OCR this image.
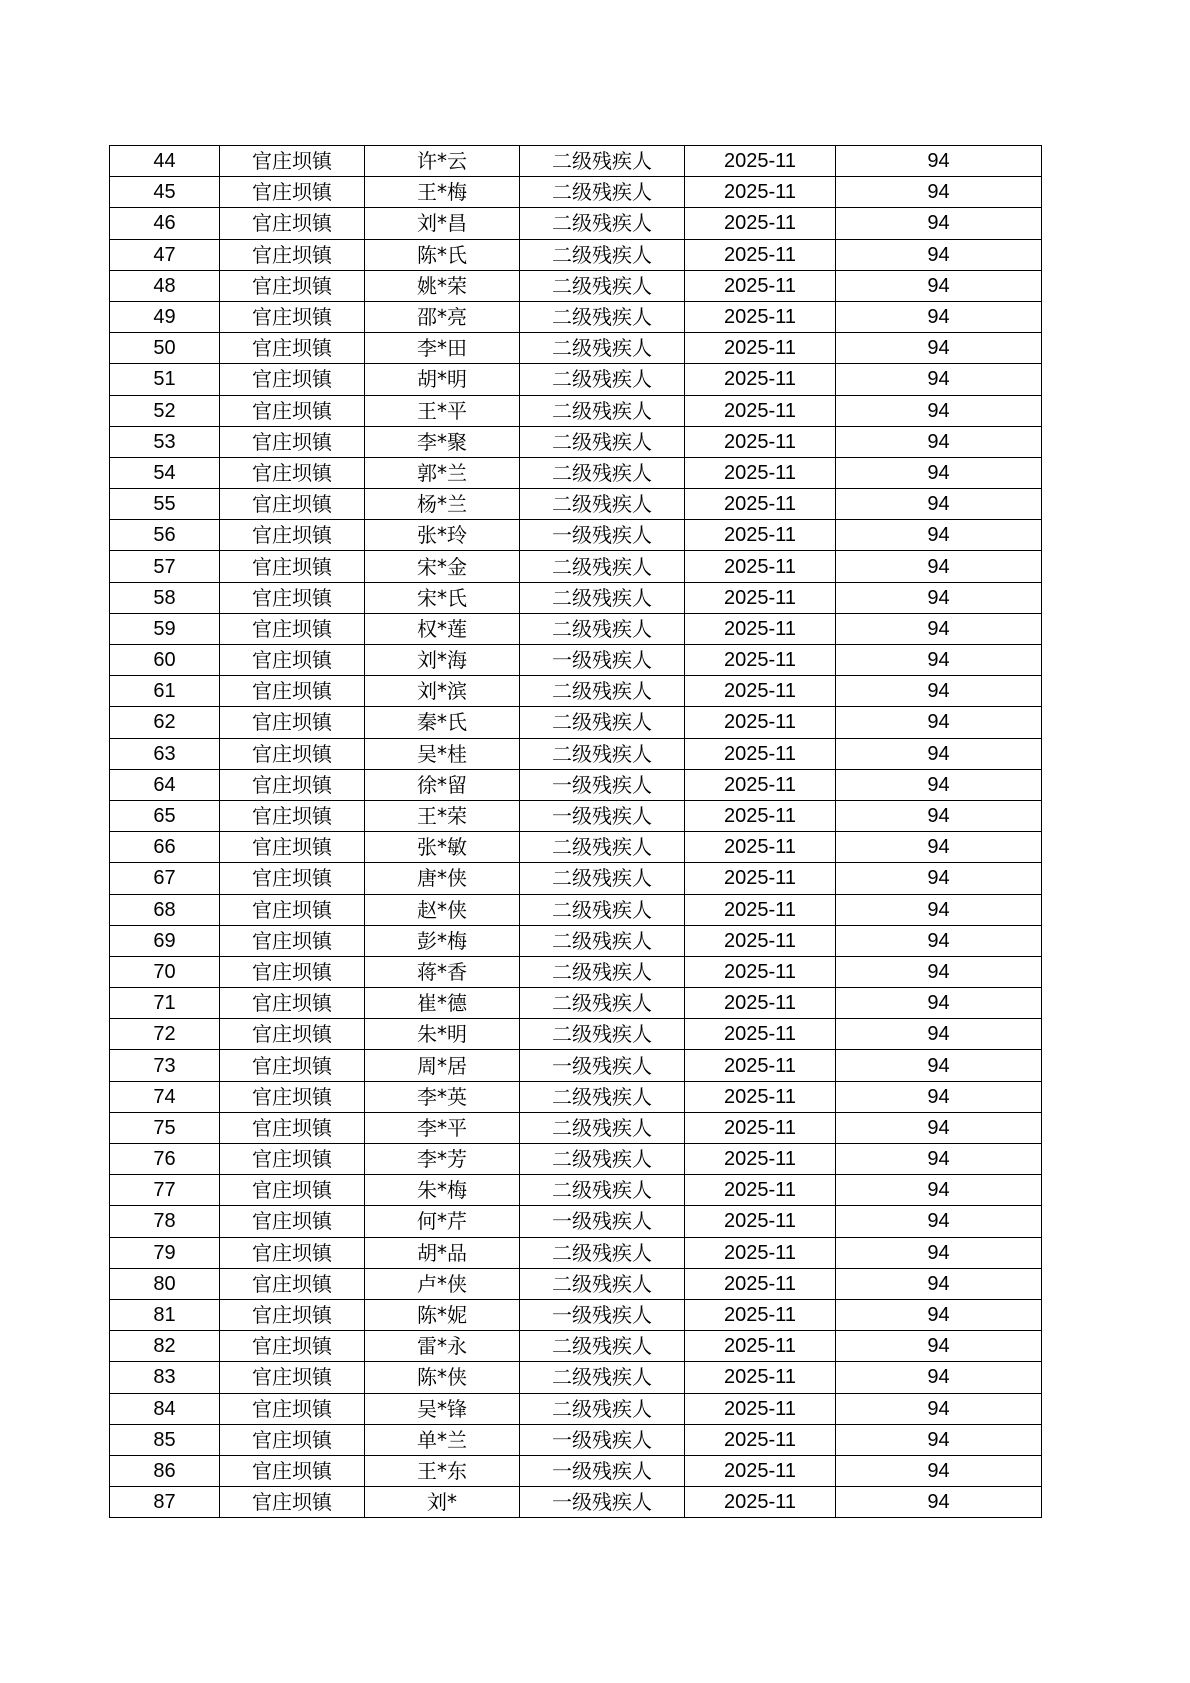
44	官庄坝镇	许*云	二级残疾人	2025-11	94
45	官庄坝镇	王*梅	二级残疾人	2025-11	94
46	官庄坝镇	刘*昌	二级残疾人	2025-11	94
47	官庄坝镇	陈*氏	二级残疾人	2025-11	94
48	官庄坝镇	姚*荣	二级残疾人	2025-11	94
49	官庄坝镇	邵*亮	二级残疾人	2025-11	94
50	官庄坝镇	李*田	二级残疾人	2025-11	94
51	官庄坝镇	胡*明	二级残疾人	2025-11	94
52	官庄坝镇	王*平	二级残疾人	2025-11	94
53	官庄坝镇	李*聚	二级残疾人	2025-11	94
54	官庄坝镇	郭*兰	二级残疾人	2025-11	94
55	官庄坝镇	杨*兰	二级残疾人	2025-11	94
56	官庄坝镇	张*玲	一级残疾人	2025-11	94
57	官庄坝镇	宋*金	二级残疾人	2025-11	94
58	官庄坝镇	宋*氏	二级残疾人	2025-11	94
59	官庄坝镇	权*莲	二级残疾人	2025-11	94
60	官庄坝镇	刘*海	一级残疾人	2025-11	94
61	官庄坝镇	刘*滨	二级残疾人	2025-11	94
62	官庄坝镇	秦*氏	二级残疾人	2025-11	94
63	官庄坝镇	吴*桂	二级残疾人	2025-11	94
64	官庄坝镇	徐*留	一级残疾人	2025-11	94
65	官庄坝镇	王*荣	一级残疾人	2025-11	94
66	官庄坝镇	张*敏	二级残疾人	2025-11	94
67	官庄坝镇	唐*侠	二级残疾人	2025-11	94
68	官庄坝镇	赵*侠	二级残疾人	2025-11	94
69	官庄坝镇	彭*梅	二级残疾人	2025-11	94
70	官庄坝镇	蒋*香	二级残疾人	2025-11	94
71	官庄坝镇	崔*德	二级残疾人	2025-11	94
72	官庄坝镇	朱*明	二级残疾人	2025-11	94
73	官庄坝镇	周*居	一级残疾人	2025-11	94
74	官庄坝镇	李*英	二级残疾人	2025-11	94
75	官庄坝镇	李*平	二级残疾人	2025-11	94
76	官庄坝镇	李*芳	二级残疾人	2025-11	94
77	官庄坝镇	朱*梅	二级残疾人	2025-11	94
78	官庄坝镇	何*芹	一级残疾人	2025-11	94
79	官庄坝镇	胡*品	二级残疾人	2025-11	94
80	官庄坝镇	卢*侠	二级残疾人	2025-11	94
81	官庄坝镇	陈*妮	一级残疾人	2025-11	94
82	官庄坝镇	雷*永	二级残疾人	2025-11	94
83	官庄坝镇	陈*侠	二级残疾人	2025-11	94
84	官庄坝镇	吴*锋	二级残疾人	2025-11	94
85	官庄坝镇	单*兰	一级残疾人	2025-11	94
86	官庄坝镇	王*东	一级残疾人	2025-11	94
87	官庄坝镇	刘*	一级残疾人	2025-11	94
